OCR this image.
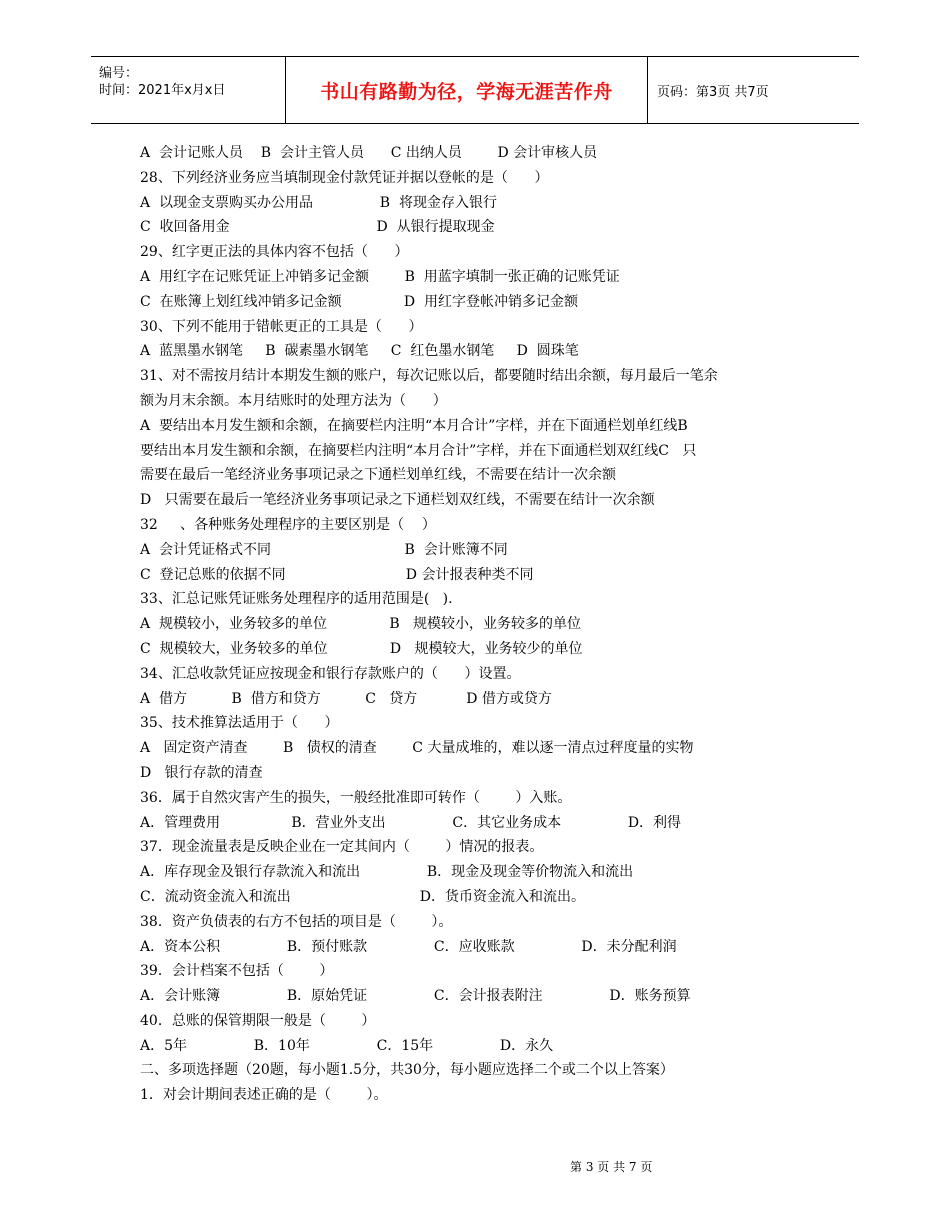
编号：
时间：2021年x月x日	书山有路勤为径，学海无涯苦作舟	页码：第3页 共7页
A  会计记账人员    B  会计主管人员      C 出纳人员        D 会计审核人员
28、下列经济业务应当填制现金付款凭证并据以登帐的是（      ）
A  以现金支票购买办公用品               B  将现金存入银行
C  收回备用金                                 D  从银行提取现金
29、红字更正法的具体内容不包括（      ）
A  用红字在记账凭证上冲销多记金额        B  用蓝字填制一张正确的记账凭证
C  在账簿上划红线冲销多记金额              D  用红字登帐冲销多记金额
30、下列不能用于错帐更正的工具是（      ）
A  蓝黑墨水钢笔     B  碳素墨水钢笔     C  红色墨水钢笔     D  圆珠笔
31、对不需按月结计本期发生额的账户，每次记账以后，都要随时结出余额，每月最后一笔余
额为月末余额。本月结账时的处理方法为（      ）
A  要结出本月发生额和余额，在摘要栏内注明“本月合计”字样，并在下面通栏划单红线B
要结出本月发生额和余额，在摘要栏内注明“本月合计”字样，并在下面通栏划双红线C   只
需要在最后一笔经济业务事项记录之下通栏划单红线，不需要在结计一次余额
D   只需要在最后一笔经济业务事项记录之下通栏划双红线，不需要在结计一次余额
32     、各种账务处理程序的主要区别是（    ）
A  会计凭证格式不同                              B  会计账簿不同
C  登记总账的依据不同                           D 会计报表种类不同
33、汇总记账凭证账务处理程序的适用范围是(   ).
A  规模较小，业务较多的单位              B   规模较小，业务较多的单位
C  规模较大，业务较多的单位              D   规模较大，业务较少的单位
34、汇总收款凭证应按现金和银行存款账户的（      ）设置。
A  借方          B  借方和贷方          C   贷方           D 借方或贷方
35、技术推算法适用于（      ）
A   固定资产清查        B   债权的清查        C 大量成堆的，难以逐一清点过秤度量的实物
D   银行存款的清查
36．属于自然灾害产生的损失，一般经批准即可转作（        ）入账。
A．管理费用                B．营业外支出               C．其它业务成本               D．利得
37．现金流量表是反映企业在一定其间内（        ）情况的报表。
A．库存现金及银行存款流入和流出               B．现金及现金等价物流入和流出
C．流动资金流入和流出                             D．货币资金流入和流出。
38．资产负债表的右方不包括的项目是（        ）。
A．资本公积               B．预付账款               C．应收账款               D．未分配利润
39．会计档案不包括（        ）
A．会计账簿               B．原始凭证               C．会计报表附注               D．账务预算
40．总账的保管期限一般是（        ）
A．5年               B．10年               C．15年               D．永久
二、多项选择题（20题，每小题1.5分，共30分，每小题应选择二个或二个以上答案）
1．对会计期间表述正确的是（        ）。
第 3 页 共 7 页
